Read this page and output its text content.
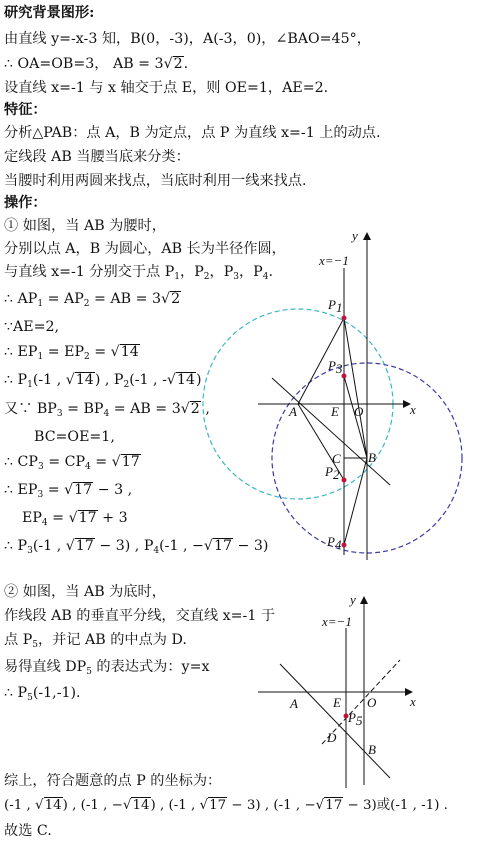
研究背景图形:
由直线 y=-x-3 知，B(0，-3)，A(-3，0)，∠BAO=45°，
∴ OA=OB=3， AB = 3√2.
设直线 x=-1 与 x 轴交于点 E，则 OE=1，AE=2.
特征：
分析△PAB：点 A，B 为定点，点 P 为直线 x=-1 上的动点.
定线段 AB 当腰当底来分类：
当腰时利用两圆来找点，当底时利用一线来找点.
操作：
① 如图，当 AB 为腰时，
分别以点 A，B 为圆心，AB 长为半径作圆，
与直线 x=-1 分别交于点 $P_1$，$P_2$，$P_3$，$P_4$.
∴ $AP_1 = AP_2$ = AB = 3√2
∵AE=2,
∴ $EP_1 = EP_2 = √14$
∴ $P_1(-1$ , √14) , $P_2(-1$ , -√14)
又∵ $BP_3 = BP_4$ = AB = 3√2 ,
BC=OE=1,
∴ $CP_3 = CP_4 = √17$
∴ $EP_3 = √17 - 3$ ,
$EP_4 = √17 + 3$
∴ $P_3(-1$ , √17 − 3) , $P_4(-1$ , −√17 − 3)
② 如图，当 AB 为底时，
作线段 AB 的垂直平分线，交直线 x=-1 于
点 $P_5$，并记 AB 的中点为 D.
易得直线 $DP_5$ 的表达式为：y=x
∴ $P_5(-1,-1)$.
综上，符合题意的点 P 的坐标为：
(-1 , √14) , (-1 , −√14) , (-1 , √17 − 3) , (-1 , −√17 − 3)或(-1 , -1) .
故选 C.
y
x=−1
x
P1
P3
A	E O
C B
P2
P4
y
x=−1
x
A	E O
P5
D
B
